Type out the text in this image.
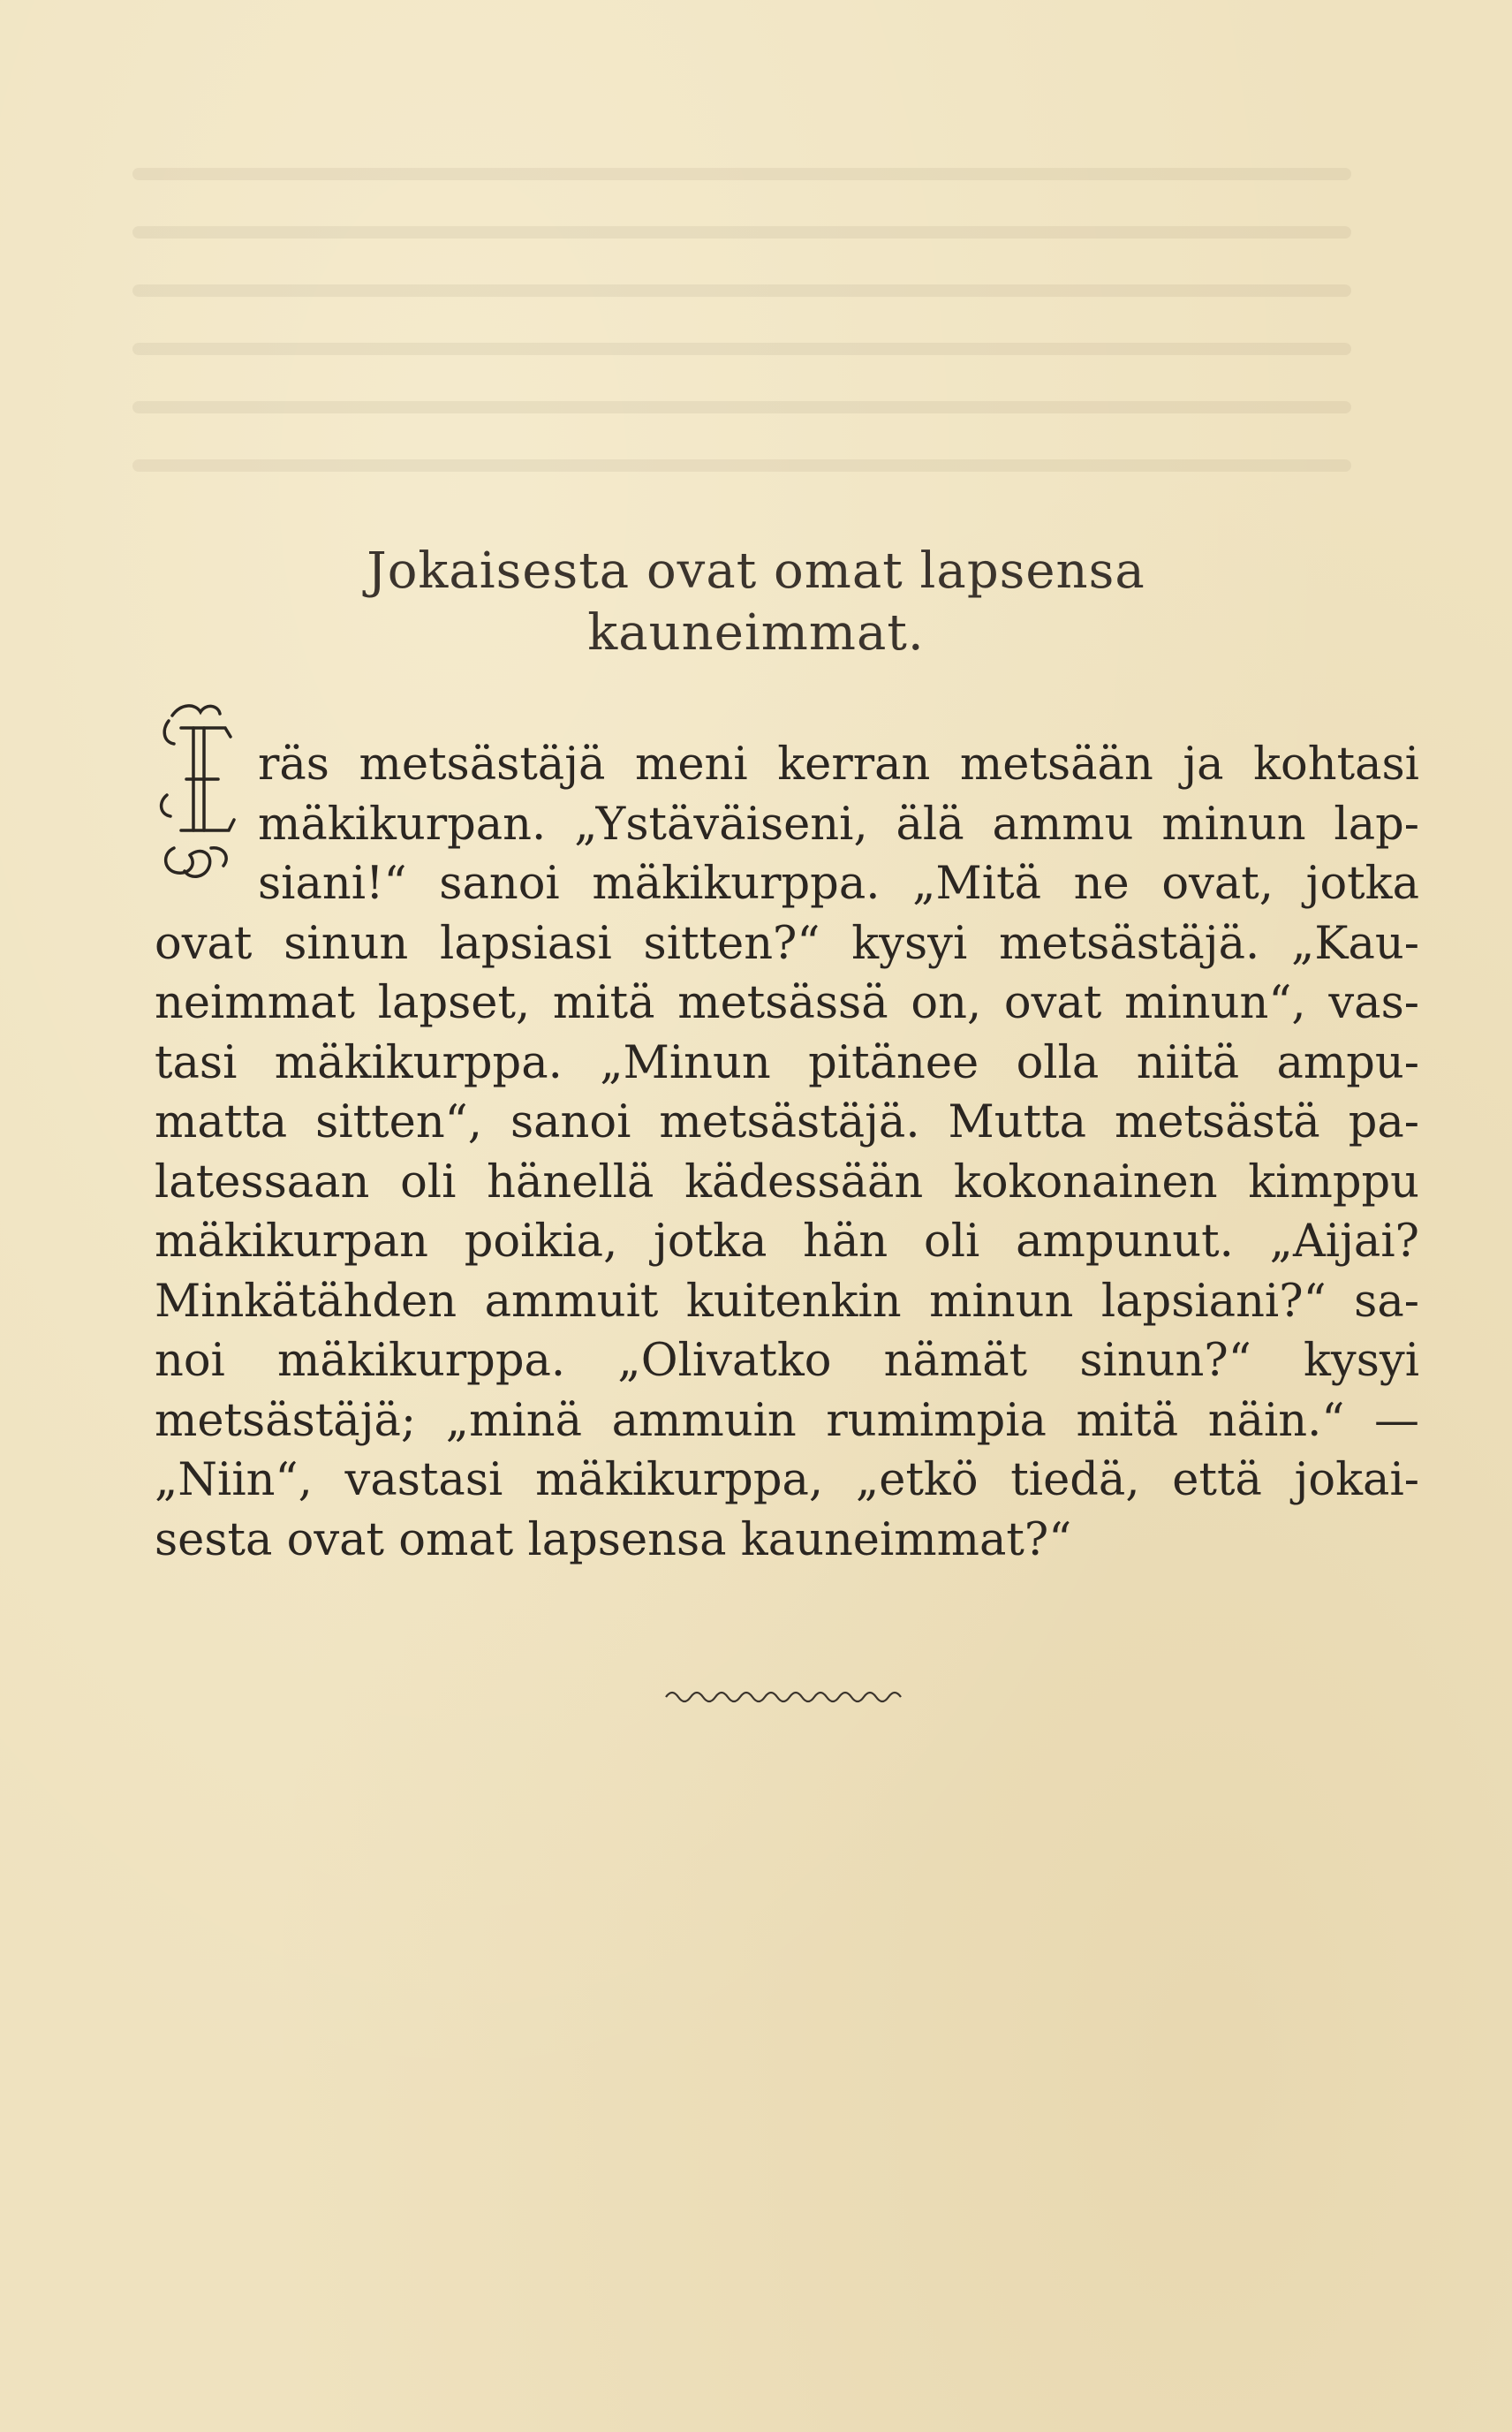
Jokaisesta ovat omat lapsensa
kauneimmat.
räs metsästäjä meni kerran metsään ja kohtasi
mäkikurpan. „Ystäväiseni, älä ammu minun lap-
siani!“ sanoi mäkikurppa. „Mitä ne ovat, jotka
ovat sinun lapsiasi sitten?“ kysyi metsästäjä. „Kau-
neimmat lapset, mitä metsässä on, ovat minun“, vas-
tasi mäkikurppa. „Minun pitänee olla niitä ampu-
matta sitten“, sanoi metsästäjä. Mutta metsästä pa-
latessaan oli hänellä kädessään kokonainen kimppu
mäkikurpan poikia, jotka hän oli ampunut. „Aijai?
Minkätähden ammuit kuitenkin minun lapsiani?“ sa-
noi mäkikurppa. „Olivatko nämät sinun?“ kysyi
metsästäjä; „minä ammuin rumimpia mitä näin.“ —
„Niin“, vastasi mäkikurppa, „etkö tiedä, että jokai-
sesta ovat omat lapsensa kauneimmat?“
